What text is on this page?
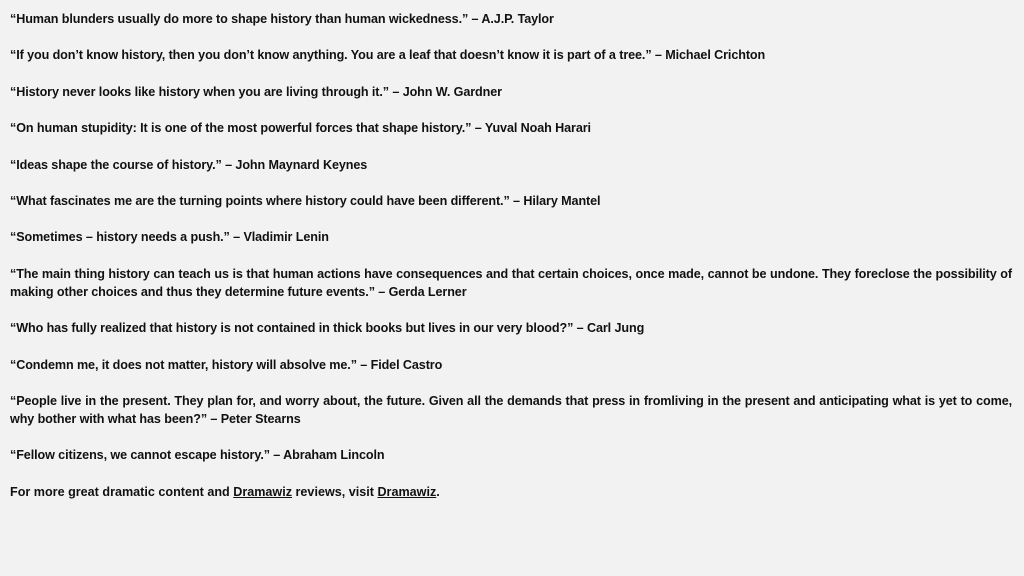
“Human blunders usually do more to shape history than human wickedness.” – A.J.P. Taylor

“If you don’t know history, then you don’t know anything. You are a leaf that doesn’t know it is part of a tree.” – Michael Crichton

“History never looks like history when you are living through it.” – John W. Gardner

“On human stupidity: It is one of the most powerful forces that shape history.” – Yuval Noah Harari

“Ideas shape the course of history.” – John Maynard Keynes

“What fascinates me are the turning points where history could have been different.” – Hilary Mantel

“Sometimes – history needs a push.” – Vladimir Lenin

“The main thing history can teach us is that human actions have consequences and that certain choices, once made, cannot be undone. They foreclose the possibility of making other choices and thus they determine future events.” – Gerda Lerner

“Who has fully realized that history is not contained in thick books but lives in our very blood?” – Carl Jung

“Condemn me, it does not matter, history will absolve me.” – Fidel Castro

“People live in the present. They plan for, and worry about, the future. Given all the demands that press in fromliving in the present and anticipating what is yet to come, why bother with what has been?” – Peter Stearns

“Fellow citizens, we cannot escape history.” – Abraham Lincoln

For more great dramatic content and Dramawiz reviews, visit Dramawiz.
